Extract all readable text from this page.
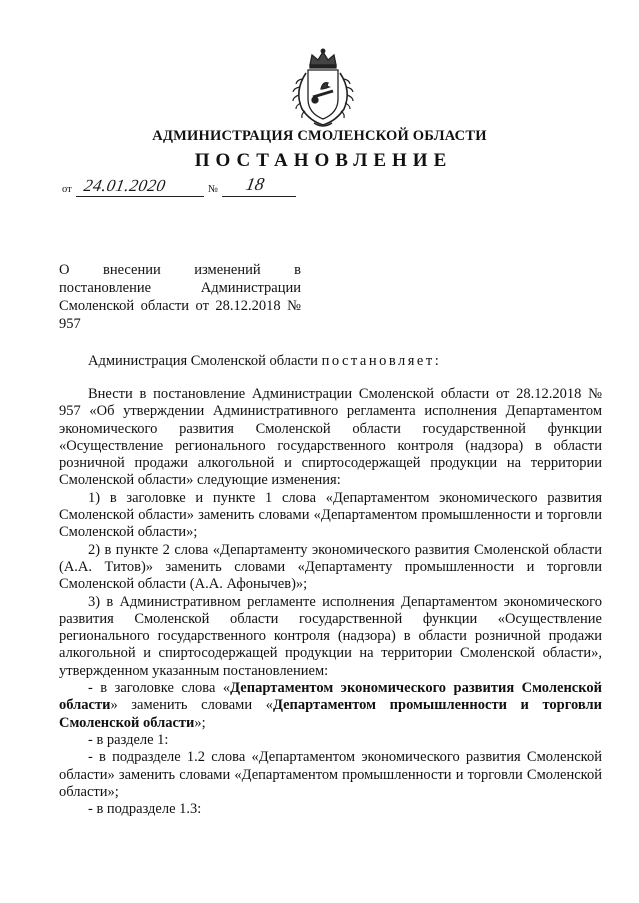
АДМИНИСТРАЦИЯ СМОЛЕНСКОЙ ОБЛАСТИ
ПОСТАНОВЛЕНИЕ
от 24.01.2020	№ 18
О внесении изменений в постановление Администрации Смоленской области от 28.12.2018 № 957
Администрация Смоленской области постановляет:

Внести в постановление Администрации Смоленской области от 28.12.2018 № 957 «Об утверждении Административного регламента исполнения Департаментом экономического развития Смоленской области государственной функции «Осуществление регионального государственного контроля (надзора) в области розничной продажи алкогольной и спиртосодержащей продукции на территории Смоленской области» следующие изменения:

1) в заголовке и пункте 1 слова «Департаментом экономического развития Смоленской области» заменить словами «Департаментом промышленности и торговли Смоленской области»;

2) в пункте 2 слова «Департаменту экономического развития Смоленской области (А.А. Титов)» заменить словами «Департаменту промышленности и торговли Смоленской области (А.А. Афонычев)»;

3) в Административном регламенте исполнения Департаментом экономического развития Смоленской области государственной функции «Осуществление регионального государственного контроля (надзора) в области розничной продажи алкогольной и спиртосодержащей продукции на территории Смоленской области», утвержденном указанным постановлением:

- в заголовке слова «Департаментом экономического развития Смоленской области» заменить словами «Департаментом промышленности и торговли Смоленской области»;

- в разделе 1:

- в подразделе 1.2 слова «Департаментом экономического развития Смоленской области» заменить словами «Департаментом промышленности и торговли Смоленской области»;

- в подразделе 1.3:
